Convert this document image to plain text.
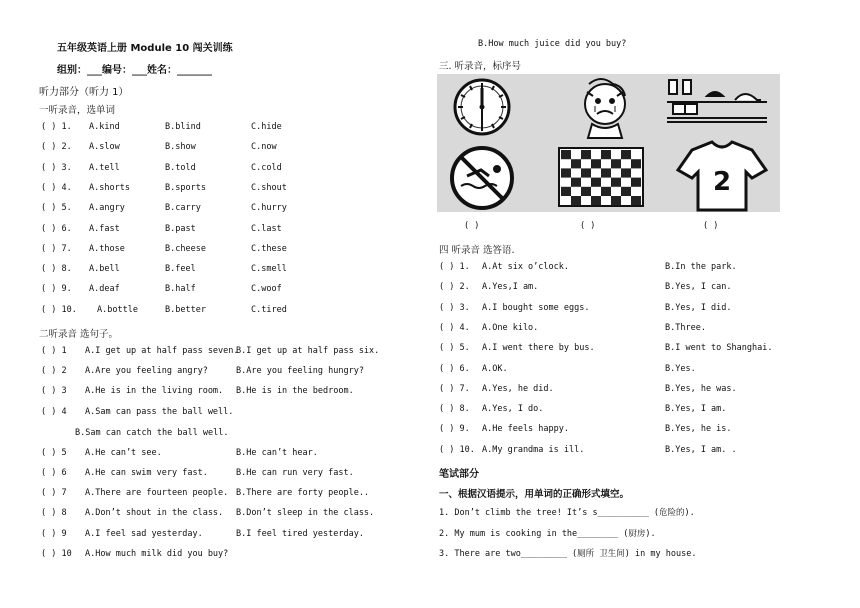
五年级英语上册 Module 10 闯关训练
组别：___编号：___姓名：_______
听力部分（听力 1）
一听录音，选单词
( ) 1. A.kind	B.blind	C.hide
( ) 2. A.slow	B.show	C.now
( ) 3. A.tell	B.told	C.cold
( ) 4. A.shorts	B.sports	C.shout
( ) 5. A.angry	B.carry	C.hurry
( ) 6. A.fast	B.past	C.last
( ) 7. A.those	B.cheese	C.these
( ) 8. A.bell	B.feel	C.smell
( ) 9. A.deaf	B.half	C.woof
( ) 10. A.bottle	B.better	C.tired
二听录音 选句子。
( ) 1 A.I get up at half pass seven.
B.I get up at half pass six.
( ) 2 A.Are you feeling angry?	B.Are you feeling hungry?
( ) 3 A.He is in the living room. B.He is in the bedroom.
( ) 4 A.Sam can pass the ball well.
B.Sam can catch the ball well.
( ) 5 A.He can’t see.	B.He can’t hear.
( ) 6 A.He can swim very fast.	B.He can run very fast.
( ) 7 A.There are fourteen people. B.There are forty people..
( ) 8 A.Don’t shout in the class. B.Don’t sleep in the class.
( ) 9 A.I feel sad yesterday.	B.I feel tired yesterday.
( ) 10 A.How much milk did you buy?
B.How much juice did you buy?
三. 听录音，标序号
2
( )	( )	( )
四 听录音 选答语.
( ) 1. A.At six o’clock.	B.In the park.
( ) 2. A.Yes,I am.	B.Yes, I can.
( ) 3. A.I bought some eggs.	B.Yes, I did.
( ) 4. A.One kilo.	B.Three.
( ) 5. A.I went there by bus.	B.I went to Shanghai.
( ) 6. A.OK.	B.Yes.
( ) 7. A.Yes, he did.	B.Yes, he was.
( ) 8. A.Yes, I do.	B.Yes, I am.
( ) 9. A.He feels happy.	B.Yes, he is.
( ) 10. A.My grandma is ill.	B.Yes, I am. .
笔试部分
一、根据汉语提示，用单词的正确形式填空。
1. Don’t climb the tree! It’s s__________ (危险的).
2. My mum is cooking in the________ (厨房).
3. There are two_________ (厕所 卫生间) in my house.
